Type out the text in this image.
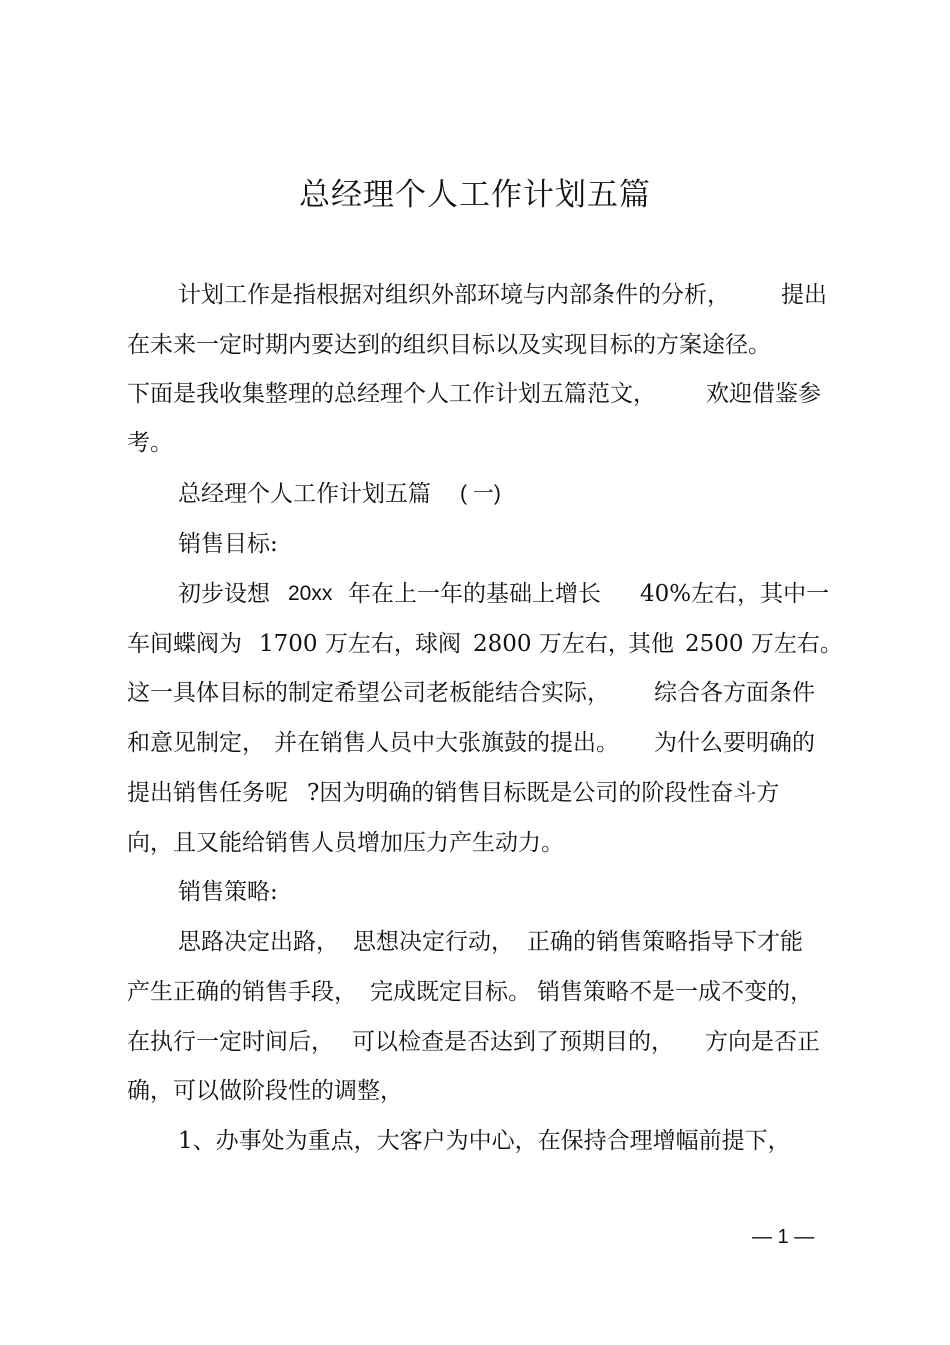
总经理个人工作计划五篇
计划工作是指根据对组织外部环境与内部条件的分析， 提出
在未来一定时期内要达到的组织目标以及实现目标的方案途径。
下面是我收集整理的总经理个人工作计划五篇范文， 欢迎借鉴参
考。
总经理个人工作计划五篇 ( 一)
销售目标:
初步设想 20xx 年在上一年的基础上增长 40%左右，其中一
车间蝶阀为 1700 万左右，
球阀 2800 万左右，
其他 2500 万左右。
这一具体目标的制定希望公司老板能结合实际， 综合各方面条件
和意见制定， 并在销售人员中大张旗鼓的提出。 为什么要明确的
提出销售任务呢 ?因为明确的销售目标既是公司的阶段性奋斗方
向，且又能给销售人员增加压力产生动力。
销售策略:
思路决定出路， 思想决定行动， 正确的销售策略指导下才能
产生正确的销售手段， 完成既定目标。 销售策略不是一成不变的，
在执行一定时间后， 可以检查是否达到了预期目的， 方向是否正
确，可以做阶段性的调整，
1、办事处为重点，大客户为中心，在保持合理增幅前提下，
— 1 —
